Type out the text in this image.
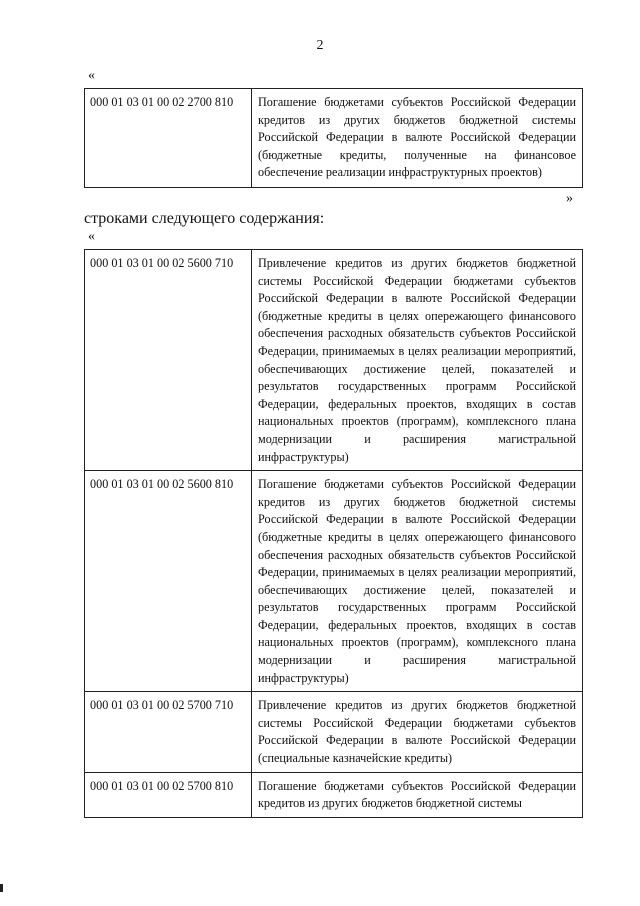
2
«
000 01 03 01 00 02 2700 810	Погашение бюджетами субъектов Российской Федерации кредитов из других бюджетов бюджетной системы Российской Федерации в валюте Российской Федерации (бюджетные кредиты, полученные на финансовое обеспечение реализации инфраструктурных проектов)
»
строками следующего содержания:
«
000 01 03 01 00 02 5600 710	Привлечение кредитов из других бюджетов бюджетной системы Российской Федерации бюджетами субъектов Российской Федерации в валюте Российской Федерации (бюджетные кредиты в целях опережающего финансового обеспечения расходных обязательств субъектов Российской Федерации, принимаемых в целях реализации мероприятий, обеспечивающих достижение целей, показателей и результатов государственных программ Российской Федерации, федеральных проектов, входящих в состав национальных проектов (программ), комплексного плана модернизации и расширения магистральной инфраструктуры)
000 01 03 01 00 02 5600 810	Погашение бюджетами субъектов Российской Федерации кредитов из других бюджетов бюджетной системы Российской Федерации в валюте Российской Федерации (бюджетные кредиты в целях опережающего финансового обеспечения расходных обязательств субъектов Российской Федерации, принимаемых в целях реализации мероприятий, обеспечивающих достижение целей, показателей и результатов государственных программ Российской Федерации, федеральных проектов, входящих в состав национальных проектов (программ), комплексного плана модернизации и расширения магистральной инфраструктуры)
000 01 03 01 00 02 5700 710	Привлечение кредитов из других бюджетов бюджетной системы Российской Федерации бюджетами субъектов Российской Федерации в валюте Российской Федерации (специальные казначейские кредиты)
000 01 03 01 00 02 5700 810	Погашение бюджетами субъектов Российской Федерации кредитов из других бюджетов бюджетной системы
